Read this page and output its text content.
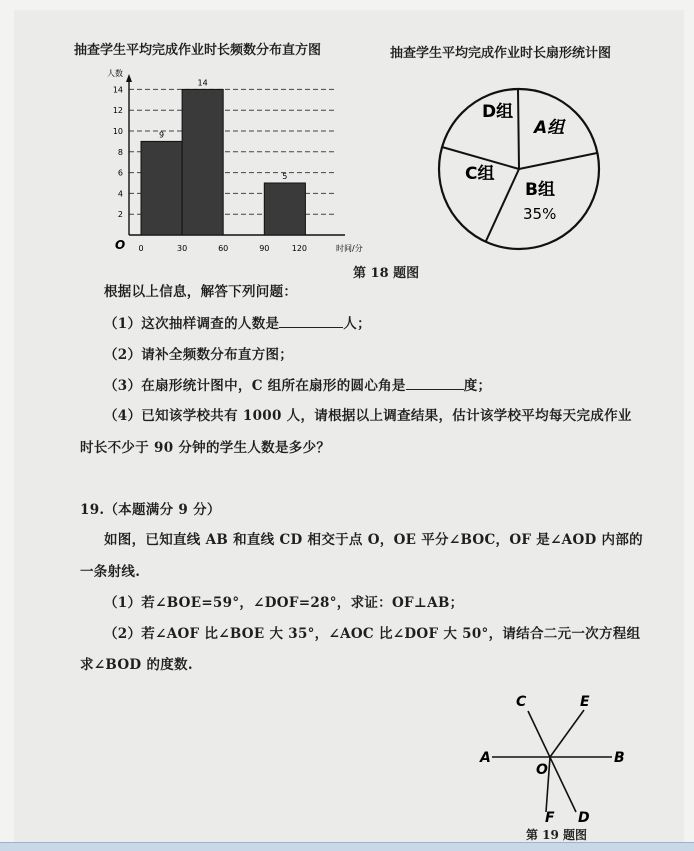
抽查学生平均完成作业时长频数分布直方图
2
4
6
8
10
12
14
0	30	60	90	120
O
人数
时间/分
9
14
5
抽查学生平均完成作业时长扇形统计图
A组
B组
35%
C组
D组
第 18 题图
根据以上信息，解答下列问题：
（1）这次抽样调查的人数是	人；
（2）请补全频数分布直方图；
（3）在扇形统计图中，C 组所在扇形的圆心角是	度；
（4）已知该学校共有 1000 人，请根据以上调查结果，估计该学校平均每天完成作业
时长不少于 90 分钟的学生人数是多少？
19.（本题满分 9 分）
如图，已知直线 AB 和直线 CD 相交于点 O，OE 平分∠BOC，OF 是∠AOD 内部的
一条射线.
（1）若∠BOE=59°，∠DOF=28°，求证：OF⊥AB；
（2）若∠AOF 比∠BOE 大 35°，∠AOC 比∠DOF 大 50°，请结合二元一次方程组
求∠BOD 的度数.
A	B
C
D
E
F
O
第 19 题图
